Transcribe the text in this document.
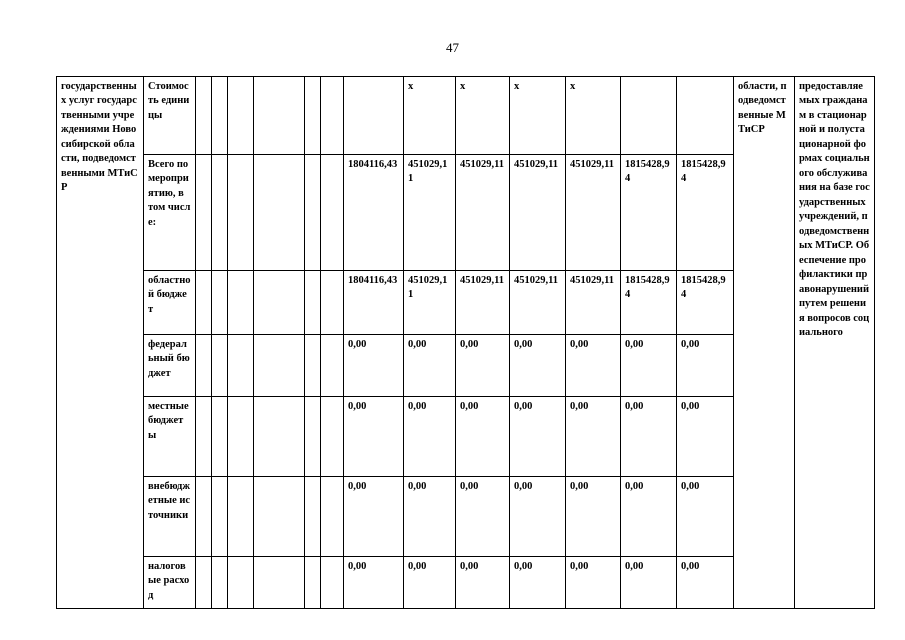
47
государственных услуг государственными учреждениями Новосибирской области, подведомственными МТиСР	Стоимость единицы								x	x	x	x			области, подведомственные МТиСР	предоставляемых гражданам в стационарной и полустационарной формах социального обслуживания на базе государственных учреждений, подведомственных МТиСР. Обеспечение профилактики правонарушений путем решения вопросов социального
	Всего по мероприятию, в том числе:							1804116,43	451029,11	451029,11	451029,11	451029,11	1815428,94	1815428,94		
	областной бюджет							1804116,43	451029,11	451029,11	451029,11	451029,11	1815428,94	1815428,94		
	федеральный бюджет							0,00	0,00	0,00	0,00	0,00	0,00	0,00		
	местные бюджеты							0,00	0,00	0,00	0,00	0,00	0,00	0,00		
	внебюджетные источники							0,00	0,00	0,00	0,00	0,00	0,00	0,00		
	налоговые расход							0,00	0,00	0,00	0,00	0,00	0,00	0,00		
